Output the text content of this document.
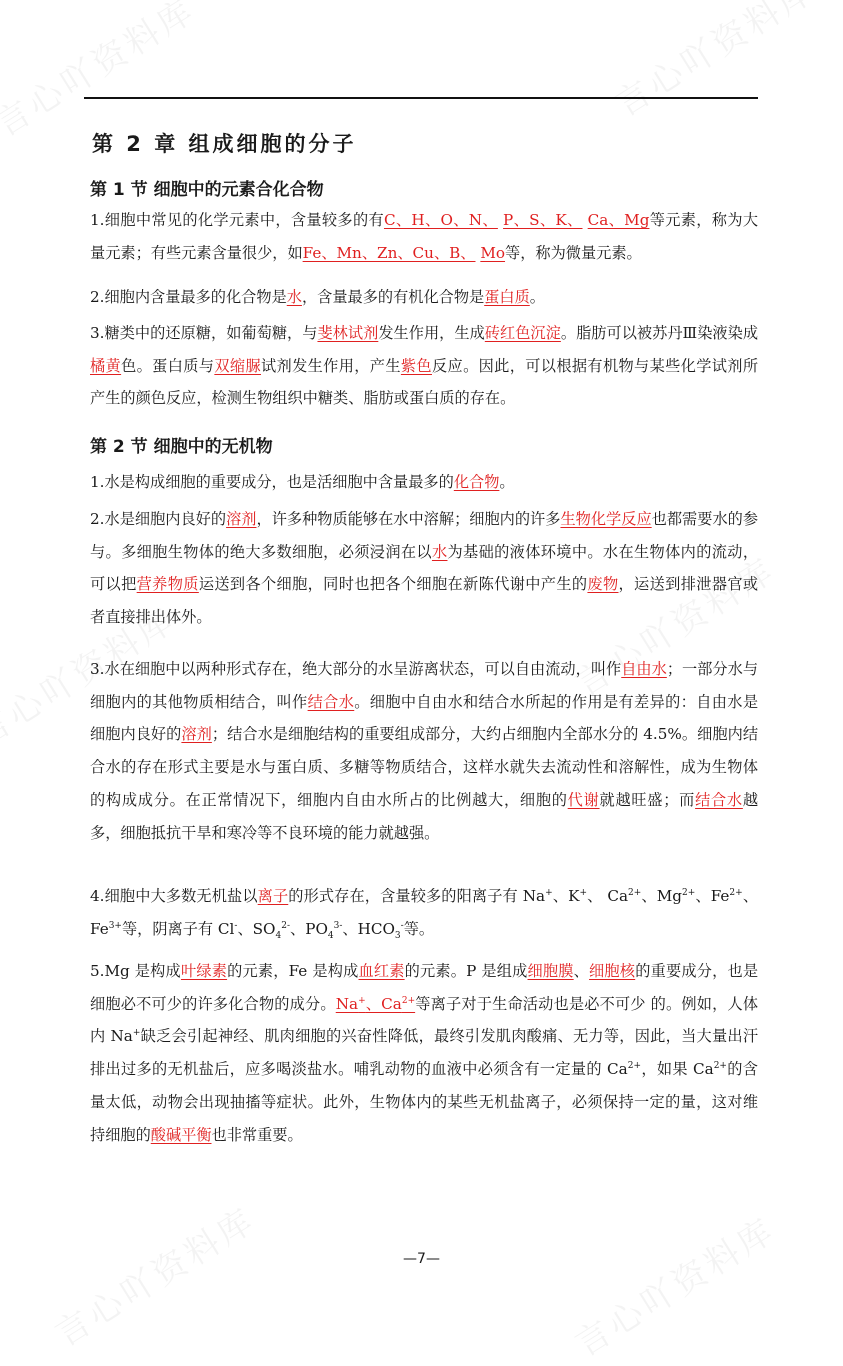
第 2 章 组成细胞的分子
第 1 节 细胞中的元素合化合物

1.细胞中常见的化学元素中，含量较多的有C、H、O、N、 P、S、K、 Ca、Mg等元素，称为大量元素；有些元素含量很少，如Fe、Mn、Zn、Cu、B、 Mo等，称为微量元素。

2.细胞内含量最多的化合物是水，含量最多的有机化合物是蛋白质。

3.糖类中的还原糖，如葡萄糖，与斐林试剂发生作用，生成砖红色沉淀。脂肪可以被苏丹Ⅲ染液染成橘黄色。蛋白质与双缩脲试剂发生作用，产生紫色反应。因此，可以根据有机物与某些化学试剂所产生的颜色反应，检测生物组织中糖类、脂肪或蛋白质的存在。

第 2 节 细胞中的无机物

1.水是构成细胞的重要成分，也是活细胞中含量最多的化合物。

2.水是细胞内良好的溶剂，许多种物质能够在水中溶解；细胞内的许多生物化学反应也都需要水的参与。多细胞生物体的绝大多数细胞，必须浸润在以水为基础的液体环境中。水在生物体内的流动，可以把营养物质运送到各个细胞，同时也把各个细胞在新陈代谢中产生的废物，运送到排泄器官或者直接排出体外。

3.水在细胞中以两种形式存在，绝大部分的水呈游离状态，可以自由流动，叫作自由水；一部分水与细胞内的其他物质相结合，叫作结合水。细胞中自由水和结合水所起的作用是有差异的：自由水是细胞内良好的溶剂；结合水是细胞结构的重要组成部分，大约占细胞内全部水分的 4.5%。细胞内结合水的存在形式主要是水与蛋白质、多糖等物质结合，这样水就失去流动性和溶解性，成为生物体的构成成分。在正常情况下，细胞内自由水所占的比例越大，细胞的代谢就越旺盛；而结合水越多，细胞抵抗干旱和寒冷等不良环境的能力就越强。

4.细胞中大多数无机盐以离子的形式存在，含量较多的阳离子有 Na+、K+、 $Ca^{2+}$、$Mg^{2+}$、$Fe^{2+}$、$Fe^{3+}$等，阴离子有 Cl-、$SO_4^{2-}$、$PO_4^{3-}$、$HCO_3^-$等。

5.Mg 是构成叶绿素的元素，Fe 是构成血红素的元素。P 是组成细胞膜、细胞核的重要成分，也是细胞必不可少的许多化合物的成分。Na+、$Ca^{2+}$等离子对于生命活动也是必不可少 的。例如，人体内 Na+缺乏会引起神经、肌肉细胞的兴奋性降低，最终引发肌肉酸痛、无力等，因此，当大量出汗排出过多的无机盐后，应多喝淡盐水。哺乳动物的血液中必须含有一定量的 $Ca^{2+}$，如果 $Ca^{2+}$的含量太低，动物会出现抽搐等症状。此外，生物体内的某些无机盐离子，必须保持一定的量，这对维持细胞的酸碱平衡也非常重要。

—7—
